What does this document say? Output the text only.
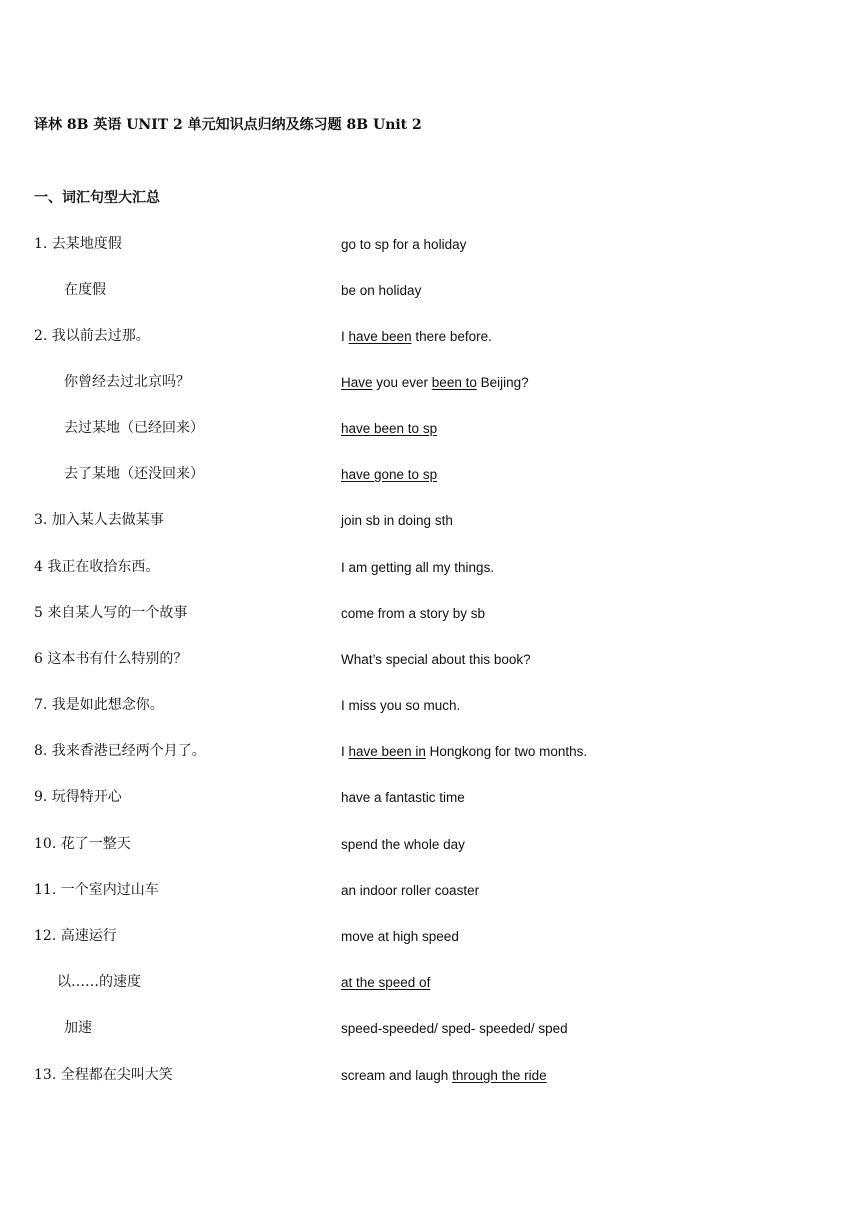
译林 8B 英语 UNIT 2 单元知识点归纳及练习题 8B Unit 2
一、词汇句型大汇总
1. 去某地度假	go to sp for a holiday
在度假	be on holiday
2. 我以前去过那。	I have been there before.
你曾经去过北京吗？	Have you ever been to Beijing?
去过某地（已经回来）	have been to sp
去了某地（还没回来）	have gone to sp
3. 加入某人去做某事	join sb in doing sth
4 我正在收拾东西。	I am getting all my things.
5 来自某人写的一个故事	come from a story by sb
6 这本书有什么特别的？	What’s special about this book?
7. 我是如此想念你。	I miss you so much.
8. 我来香港已经两个月了。	I have been in Hongkong for two months.
9. 玩得特开心	have a fantastic time
10. 花了一整天	spend the whole day
11. 一个室内过山车	an indoor roller coaster
12. 高速运行	move at high speed
以……的速度	at the speed of
加速	speed-speeded/ sped- speeded/ sped
13. 全程都在尖叫大笑	scream and laugh through the ride
